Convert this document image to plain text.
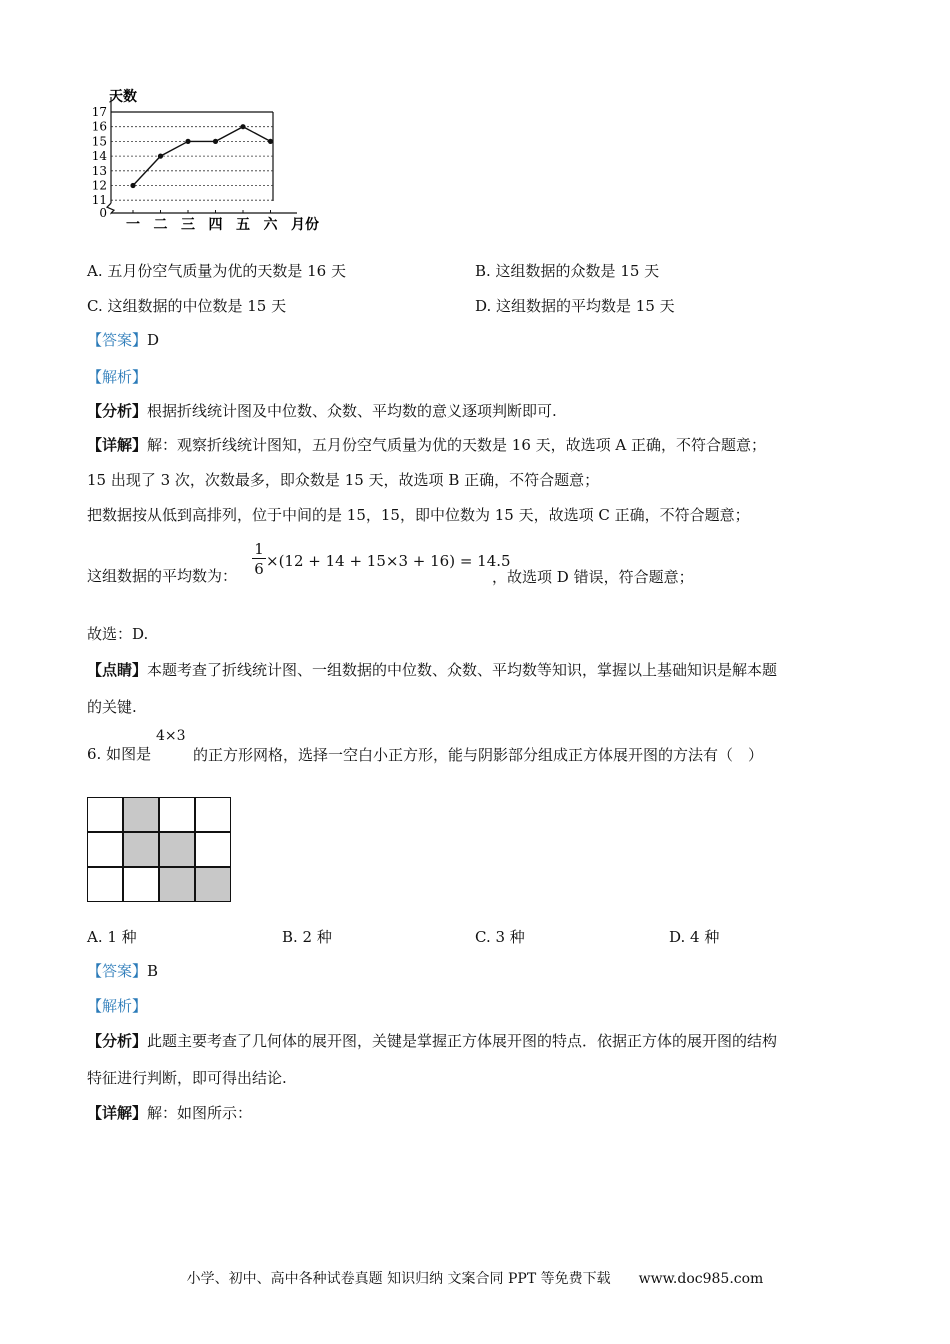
0
11
12
13
14
15
16
17
天数
一 二 三 四 五 六 月份
A. 五月份空气质量为优的天数是 16 天	B. 这组数据的众数是 15 天
C. 这组数据的中位数是 15 天	D. 这组数据的平均数是 15 天
【答案】D
【解析】
【分析】根据折线统计图及中位数、众数、平均数的意义逐项判断即可.
【详解】解：观察折线统计图知，五月份空气质量为优的天数是 16 天，故选项 A 正确，不符合题意；
15 出现了 3 次，次数最多，即众数是 15 天，故选项 B 正确，不符合题意；
把数据按从低到高排列，位于中间的是 15，15，即中位数为 15 天，故选项 C 正确，不符合题意；
这组数据的平均数为：
1
6 ×(12 + 14 + 15×3 + 16) = 14.5
，故选项 D 错误，符合题意；
故选：D.
【点睛】本题考查了折线统计图、一组数据的中位数、众数、平均数等知识，掌握以上基础知识是解本题
的关键.
6. 如图是
4×3
的正方形网格，选择一空白小正方形，能与阴影部分组成正方体展开图的方法有（　）
A. 1 种	B. 2 种	C. 3 种	D. 4 种
【答案】B
【解析】
【分析】此题主要考查了几何体的展开图，关键是掌握正方体展开图的特点．依据正方体的展开图的结构
特征进行判断，即可得出结论.
【详解】解：如图所示：
小学、初中、高中各种试卷真题 知识归纳 文案合同 PPT 等免费下载　　www.doc985.com
